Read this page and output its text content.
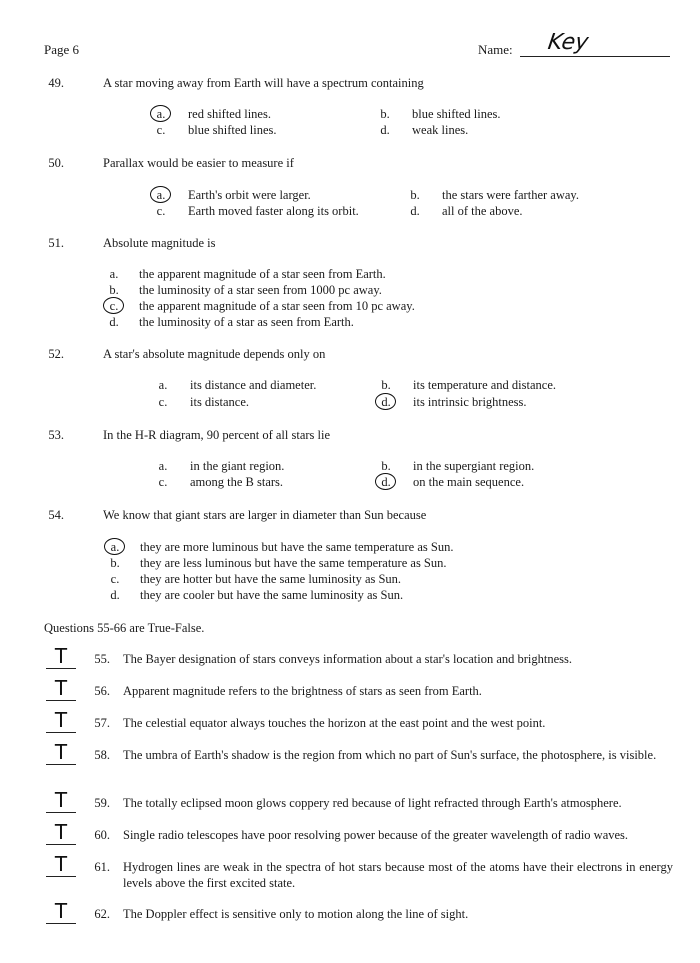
Page 6	Name: Key
49.	A star moving away from Earth will have a spectrum containing
a. red shifted lines.	b. blue shifted lines.
c. blue shifted lines.	d. weak lines.
50.	Parallax would be easier to measure if
a. Earth's orbit were larger.	b. the stars were farther away.
c. Earth moved faster along its orbit.	d. all of the above.
51.	Absolute magnitude is
a. the apparent magnitude of a star seen from Earth.
b. the luminosity of a star seen from 1000 pc away.
c. the apparent magnitude of a star seen from 10 pc away.
d. the luminosity of a star as seen from Earth.
52.	A star's absolute magnitude depends only on
a. its distance and diameter.	b. its temperature and distance.
c. its distance.	d. its intrinsic brightness.
53.	In the H-R diagram, 90 percent of all stars lie
a. in the giant region.	b. in the supergiant region.
c. among the B stars.	d. on the main sequence.
54.	We know that giant stars are larger in diameter than Sun because
a. they are more luminous but have the same temperature as Sun.
b. they are less luminous but have the same temperature as Sun.
c. they are hotter but have the same luminosity as Sun.
d. they are cooler but have the same luminosity as Sun.
Questions 55-66 are True-False.
T	55. The Bayer designation of stars conveys information about a star's location and brightness.
T	56. Apparent magnitude refers to the brightness of stars as seen from Earth.
T	57. The celestial equator always touches the horizon at the east point and the west point.
T	58. The umbra of Earth's shadow is the region from which no part of Sun's surface, the photosphere, is visible.
T	59. The totally eclipsed moon glows coppery red because of light refracted through Earth's atmosphere.
T	60. Single radio telescopes have poor resolving power because of the greater wavelength of radio waves.
T	61. Hydrogen lines are weak in the spectra of hot stars because most of the atoms have their electrons in energy levels above the first excited state.
T	62. The Doppler effect is sensitive only to motion along the line of sight.
